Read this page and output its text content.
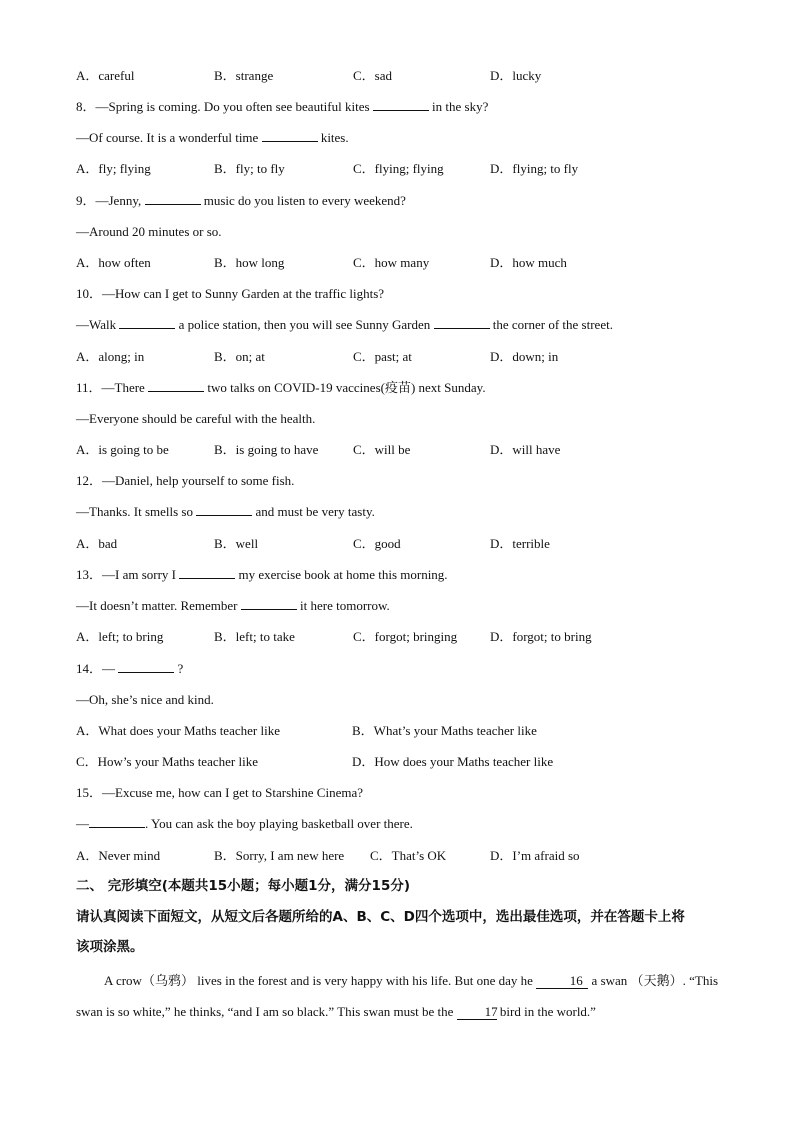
A．careful	B．strange	C．sad	D．lucky
8．—Spring is coming. Do you often see beautiful kites	in the sky?
—Of course. It is a wonderful time	kites.
A．fly; flying	B．fly; to fly	C．flying; flying	D．flying; to fly
9．—Jenny,	music do you listen to every weekend?
—Around 20 minutes or so.
A．how often	B．how long	C．how many	D．how much
10．—How can I get to Sunny Garden at the traffic lights?
—Walk	a police station, then you will see Sunny Garden	the corner of the street.
A．along; in	B．on; at	C．past; at	D．down; in
11．—There	two talks on COVID-19 vaccines(疫苗) next Sunday.
—Everyone should be careful with the health.
A．is going to be	B．is going to have	C．will be	D．will have
12．—Daniel, help yourself to some fish.
—Thanks. It smells so	and must be very tasty.
A．bad	B．well	C．good	D．terrible
13．—I am sorry I	my exercise book at home this morning.
—It doesn’t matter. Remember	it here tomorrow.
A．left; to bring	B．left; to take	C．forgot; bringing	D．forgot; to bring
14．—	?
—Oh, she’s nice and kind.
A．What does your Maths teacher like	B．What’s your Maths teacher like
C．How’s your Maths teacher like	D．How does your Maths teacher like
15．—Excuse me, how can I get to Starshine Cinema?
—	. You can ask the boy playing basketball over there.
A．Never mind	B．Sorry, I am new here C．That’s OK	D．I’m afraid so
二、 完形填空(本题共15小题；每小题1分，满分15分)
请认真阅读下面短文，从短文后各题所给的A、B、C、D四个选项中，选出最佳选项，并在答题卡上将
该项涂黑。
A crow（乌鸦） lives in the forest and is very happy with his life. But one day he	16 a swan （天鹅）. “This swan is so white,” he thinks, “and I am so black.” This swan must be the 17 bird in the world.”
